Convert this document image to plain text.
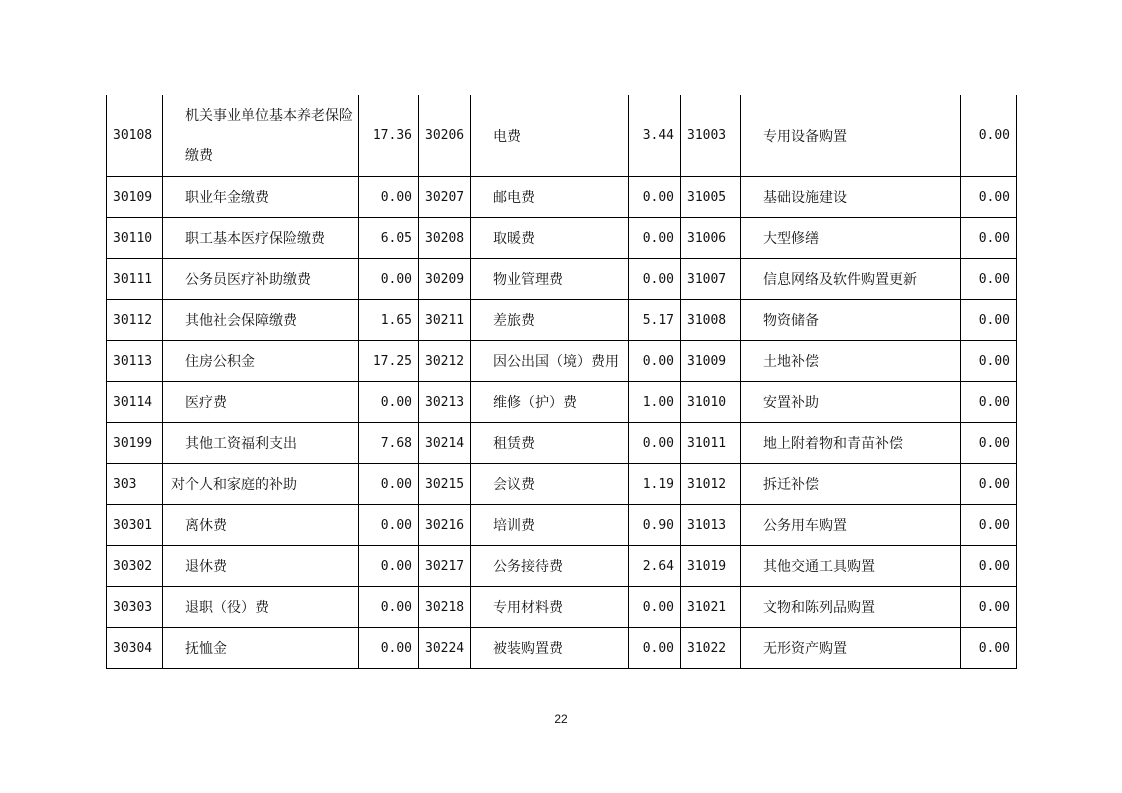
30108	机关事业单位基本养老保险缴费	17.36	30206	电费	3.44	31003	专用设备购置	0.00
30109	职业年金缴费	0.00	30207	邮电费	0.00	31005	基础设施建设	0.00
30110	职工基本医疗保险缴费	6.05	30208	取暖费	0.00	31006	大型修缮	0.00
30111	公务员医疗补助缴费	0.00	30209	物业管理费	0.00	31007	信息网络及软件购置更新	0.00
30112	其他社会保障缴费	1.65	30211	差旅费	5.17	31008	物资储备	0.00
30113	住房公积金	17.25	30212	因公出国（境）费用	0.00	31009	土地补偿	0.00
30114	医疗费	0.00	30213	维修（护）费	1.00	31010	安置补助	0.00
30199	其他工资福利支出	7.68	30214	租赁费	0.00	31011	地上附着物和青苗补偿	0.00
303	对个人和家庭的补助	0.00	30215	会议费	1.19	31012	拆迁补偿	0.00
30301	离休费	0.00	30216	培训费	0.90	31013	公务用车购置	0.00
30302	退休费	0.00	30217	公务接待费	2.64	31019	其他交通工具购置	0.00
30303	退职（役）费	0.00	30218	专用材料费	0.00	31021	文物和陈列品购置	0.00
30304	抚恤金	0.00	30224	被装购置费	0.00	31022	无形资产购置	0.00
22
